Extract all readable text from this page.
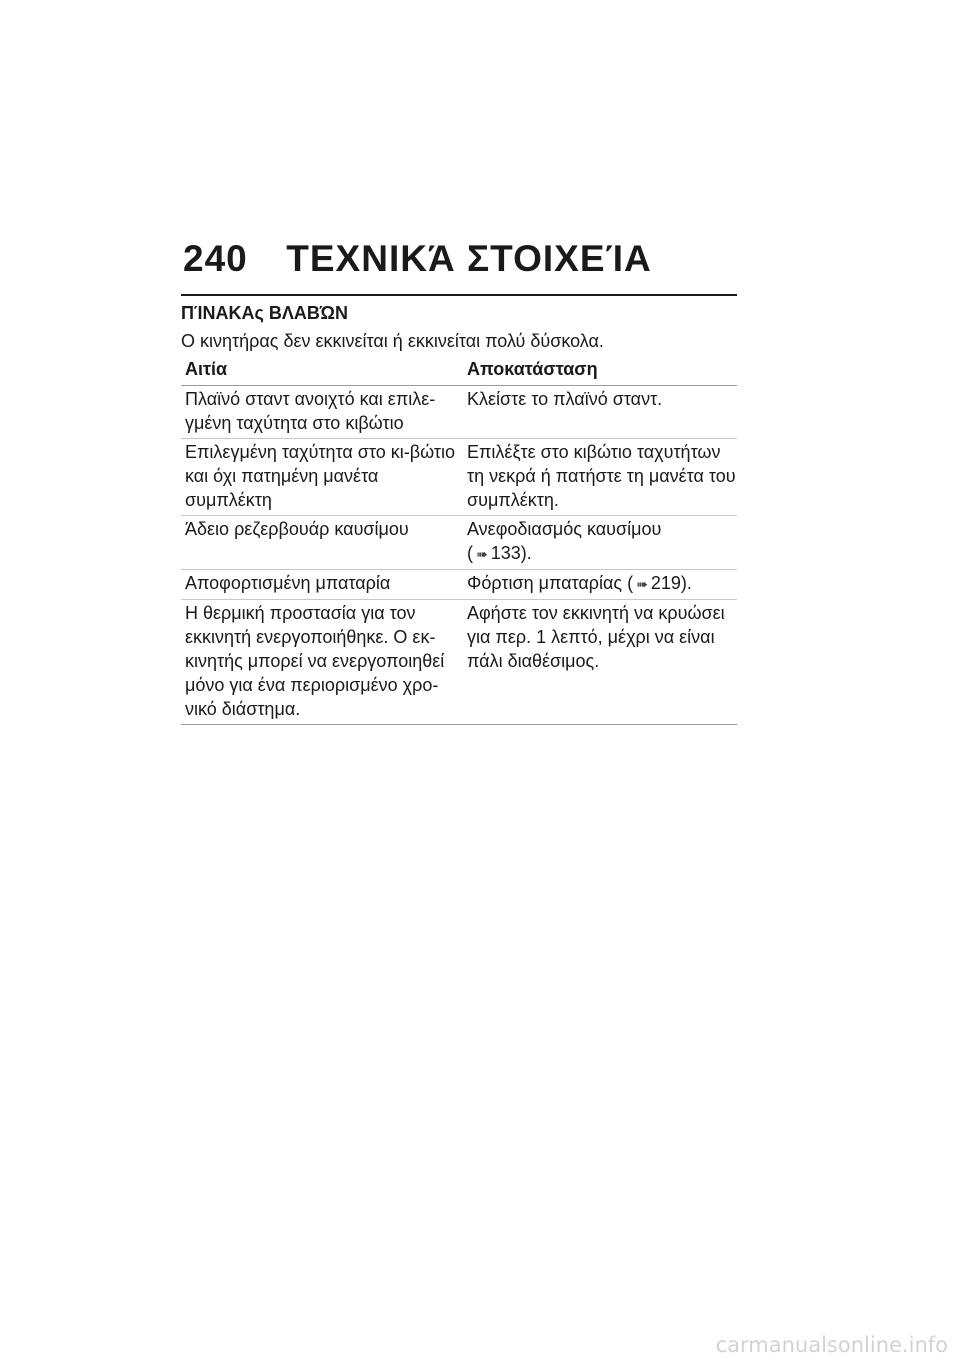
240 ΤΕΧΝΙΚΆ ΣΤΟΙΧΕΊΑ
ΠΊΝΑΚΑς ΒΛΑΒΏΝ
Ο κινητήρας δεν εκκινείται ή εκκινείται πολύ δύσκολα.
Αιτία	Αποκατάσταση
Πλαϊνό σταντ ανοιχτό και επιλε-γμένη ταχύτητα στο κιβώτιο	Κλείστε το πλαϊνό σταντ.
Επιλεγμένη ταχύτητα στο κι-βώτιο και όχι πατημένη μανέτα συμπλέκτη	Επιλέξτε στο κιβώτιο ταχυτήτων τη νεκρά ή πατήστε τη μανέτα του συμπλέκτη.
Άδειο ρεζερβουάρ καυσίμου	Ανεφοδιασμός καυσίμου
( ➠ 133).
Αποφορτισμένη μπαταρία	Φόρτιση μπαταρίας ( ➠ 219).
Η θερμική προστασία για τον εκκινητή ενεργοποιήθηκε. Ο εκ-κινητής μπορεί να ενεργοποιηθεί μόνο για ένα περιορισμένο χρο-νικό διάστημα.	Αφήστε τον εκκινητή να κρυώσει για περ. 1 λεπτό, μέχρι να είναι πάλι διαθέσιμος.
carmanualsonline.info
